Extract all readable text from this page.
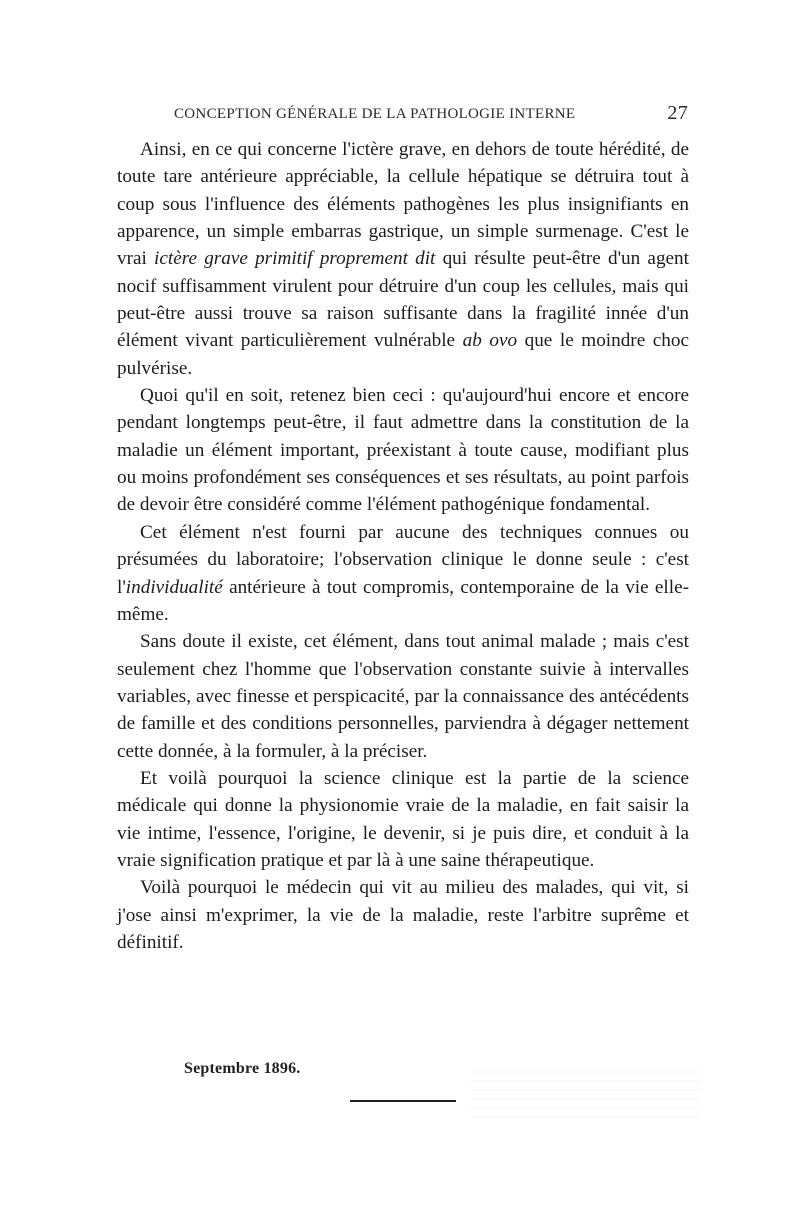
CONCEPTION GÉNÉRALE DE LA PATHOLOGIE INTERNE	27

Ainsi, en ce qui concerne l'ictère grave, en dehors de toute hérédité, de toute tare antérieure appréciable, la cellule hépatique se détruira tout à coup sous l'influence des éléments pathogènes les plus insignifiants en apparence, un simple embarras gastrique, un simple surmenage. C'est le vrai ictère grave primitif proprement dit qui résulte peut-être d'un agent nocif suffisamment virulent pour détruire d'un coup les cellules, mais qui peut-être aussi trouve sa raison suffisante dans la fragilité innée d'un élément vivant particulièrement vulnérable ab ovo que le moindre choc pulvérise.

Quoi qu'il en soit, retenez bien ceci : qu'aujourd'hui encore et encore pendant longtemps peut-être, il faut admettre dans la constitution de la maladie un élément important, préexistant à toute cause, modifiant plus ou moins profondément ses conséquences et ses résultats, au point parfois de devoir être considéré comme l'élément pathogénique fondamental.

Cet élément n'est fourni par aucune des techniques connues ou présumées du laboratoire; l'observation clinique le donne seule : c'est l'individualité antérieure à tout compromis, contemporaine de la vie elle-même.

Sans doute il existe, cet élément, dans tout animal malade ; mais c'est seulement chez l'homme que l'observation constante suivie à intervalles variables, avec finesse et perspicacité, par la connaissance des antécédents de famille et des conditions personnelles, parviendra à dégager nettement cette donnée, à la formuler, à la préciser.

Et voilà pourquoi la science clinique est la partie de la science médicale qui donne la physionomie vraie de la maladie, en fait saisir la vie intime, l'essence, l'origine, le devenir, si je puis dire, et conduit à la vraie signification pratique et par là à une saine thérapeutique.

Voilà pourquoi le médecin qui vit au milieu des malades, qui vit, si j'ose ainsi m'exprimer, la vie de la maladie, reste l'arbitre suprême et définitif.

Septembre 1896.
